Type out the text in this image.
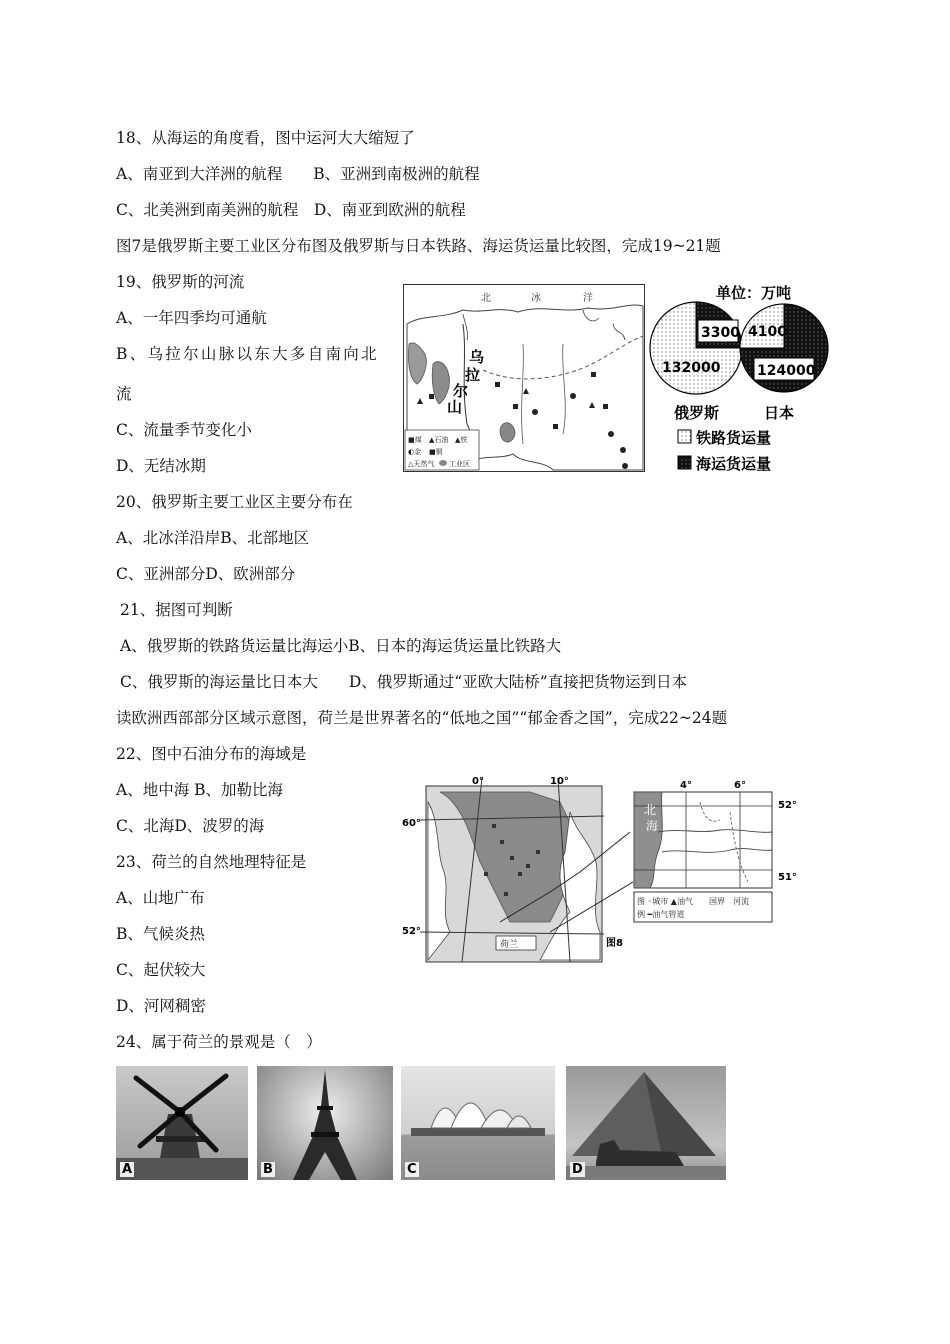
18、从海运的角度看，图中运河大大缩短了
A、南亚到大洋洲的航程　　B、亚洲到南极洲的航程
C、北美洲到南美洲的航程　D、南亚到欧洲的航程
图7是俄罗斯主要工业区分布图及俄罗斯与日本铁路、海运货运量比较图，完成19~21题
19、俄罗斯的河流
A、一年四季均可通航
B、乌拉尔山脉以东大多自南向北
流
C、流量季节变化小
D、无结冰期
北	冰	洋
乌
拉
尔
山
■煤 ▲石油 ▲铁
◐金 ■铜
△天然气 工业区
单位：万吨
3300
132000
4100
124000
俄罗斯	日本
铁路货运量
海运货运量
20、俄罗斯主要工业区主要分布在
A、北冰洋沿岸B、北部地区
C、亚洲部分D、欧洲部分
21、据图可判断
A、俄罗斯的铁路货运量比海运小B、日本的海运货运量比铁路大
C、俄罗斯的海运量比日本大　　D、俄罗斯通过“亚欧大陆桥”直接把货物运到日本
读欧洲西部部分区域示意图，荷兰是世界著名的“低地之国”“郁金香之国”，完成22~24题
22、图中石油分布的海域是
A、地中海 B、加勒比海
C、北海D、波罗的海
23、荷兰的自然地理特征是
A、山地广布
B、气候炎热
C、起伏较大
D、河网稠密
荷兰
0°	10°
60°
52°
图8
北
海
4°	6°
52°
51°
图 ◦城市 ▲油气　　国界　河流
例 ━油气管道
24、属于荷兰的景观是（　）
A	B	C	D
